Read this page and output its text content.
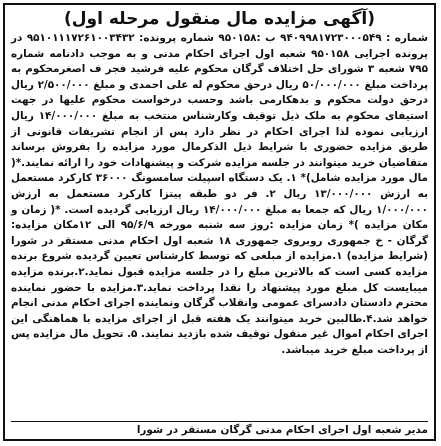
(آگهی مزایده مال منقول مرحله اول)
شماره : ۹۴۰۹۹۸۱۷۲۳۰۰۰۵۴۹ ب :۹۵۰۱۵۸ شماره پرونده: ۹۵۱۰۱۱۱۷۲۶۱۰۰۳۴۳۲ در پرونده اجرایی ۹۵۰۱۵۸ شعبه اول اجرای احکام مدنی و به موجب دادنامه شماره ۷۹۵ شعبه ۳ شورای حل اختلاف گرگان محکوم علیه فرشید فجر ف اصغرمحکوم به پرداخت مبلغ ۵۰/۰۰۰/۰۰۰ ریال درحق محکوم له علی احمدی و مبلغ ۲/۵۰۰/۰۰۰ ریال درحق دولت محکوم و بدهکارمی باشد وحسب درخواست محکوم علیها در جهت استیفای محکوم به ملک ذیل توقیف وکارشناس منتخب به مبلغ ۱۴/۰۰۰/۰۰۰ ریال ارزیابی نموده لذا اجرای احکام در نظر دارد پس از انجام تشریفات قانونی از طریق مزایده حضوری با شرایط ذیل الذکرمال مورد مزایده را بفروش برساند متقاضیان خرید میتوانند در جلسه مزایده شرکت و پیشنهادات خود را ارائه نمایند.*( مال مورد مزایده شامل)* ۱. یک دستگاه اسپیلت سامسونگ ۳۶۰۰۰ کارکرد مستعمل به ارزش ۱۳/۰۰۰/۰۰۰ ریال ۲. فر دو طبقه پیتزا کارکرد مستعمل به ارزش ۱/۰۰۰/۰۰۰ ریال که جمعا به مبلغ ۱۴/۰۰۰/۰۰۰ ریال ارزیابی گردیده است. *( زمان و مکان مزایده )* زمان مزایده :روز سه شنبه مورخه ۹۵/۶/۹ الی ۱۲مکان مزایده: گرگان - خ جمهوری روبروی جمهوری ۱۸ شعبه اول احکام مدنی مستقر در شورا (شرایط مزایده) ۱.مزایده از مبلغی که توسط کارشناس تعیین گردیده شروع برنده مزایده کسی است که بالاترین مبلغ را در جلسه مزایده قبول نماید.۲.برنده مزایده میبایست کل مبلغ مورد پیشنهاد را نقدا پرداخت نماید.۳.مزایده با حضور نماینده محترم دادستان دادسرای عمومی وانقلاب گرگان ونماینده اجرای احکام مدنی انجام خواهد شد.۴.طالبین خرید میتوانند یک هفته قبل از اجرای مزایده با هماهنگی این اجرای احکام اموال غیر منقول توقیف شده بازدید نمایند. ۵. تحویل مال مزایده پس از پرداخت مبلغ خرید میباشد.
مدیر شعبه اول اجرای احکام مدنی گرگان مستقر در شورا
